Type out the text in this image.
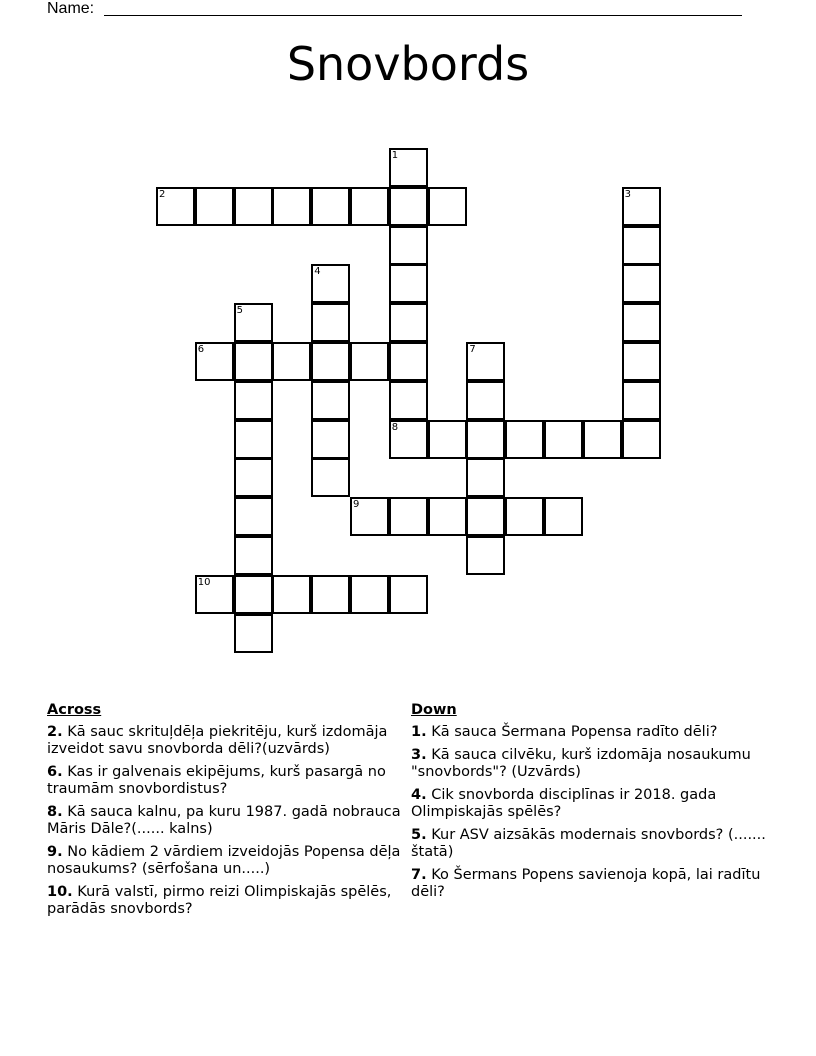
Name:
Snovbords
1
8
2	3
4
5
6	7
9
10
Across
2. Kā sauc skrituļdēļa piekritēju, kurš izdomāja izveidot savu snovborda dēli?(uzvārds)
6. Kas ir galvenais ekipējums, kurš pasargā no traumām snovbordistus?
8. Kā sauca kalnu, pa kuru 1987. gadā nobrauca Māris Dāle?(...... kalns)
9. No kādiem 2 vārdiem izveidojās Popensa dēļa nosaukums? (sērfošana un.....)
10. Kurā valstī, pirmo reizi Olimpiskajās spēlēs, parādās snovbords?
Down
1. Kā sauca Šermana Popensa radīto dēli?
3. Kā sauca cilvēku, kurš izdomāja nosaukumu "snovbords"? (Uzvārds)
4. Cik snovborda disciplīnas ir 2018. gada Olimpiskajās spēlēs?
5. Kur ASV aizsākās modernais snovbords? (....... štatā)
7. Ko Šermans Popens savienoja kopā, lai radītu dēli?
